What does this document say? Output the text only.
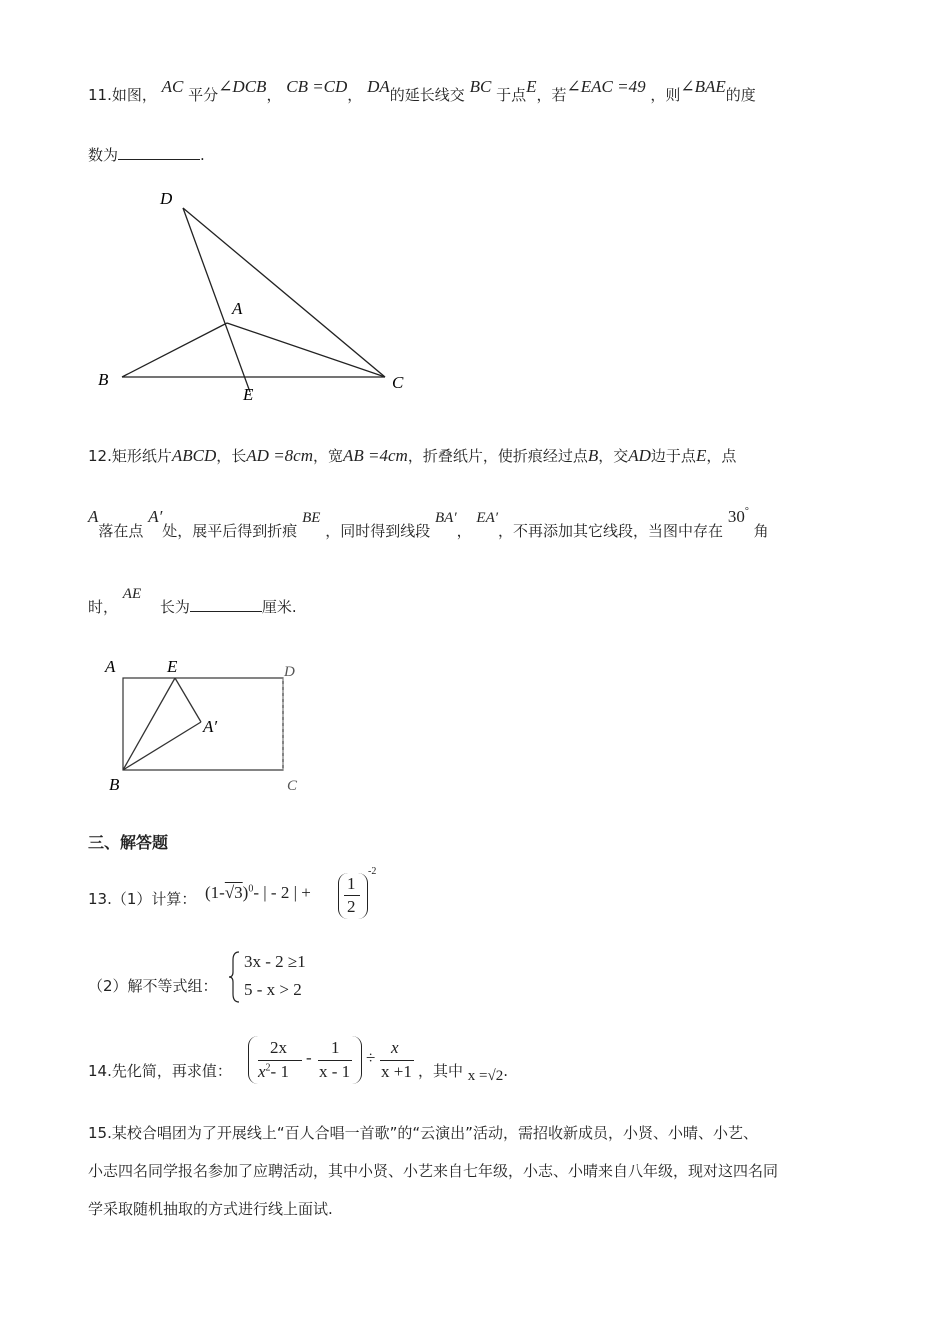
11.如图， AC 平分∠DCB， CB =CD， DA的延长线交 BC 于点E，若∠EAC =49 ，则∠BAE的度
数为	.
D
A
B
E
C
12.矩形纸片ABCD，长AD =8cm，宽AB =4cm，折叠纸片，使折痕经过点B，交AD边于点E，点
A落在点 A′处，展平后得到折痕 BE ，同时得到线段 BA′， EA′，不再添加其它线段，当图中存在 30° 角
时， AE 长为	厘米.
A	E	D
A′
B	C
三、解答题
13.（1）计算： $(1-√3)^0-$ | - 2 | + 1
2
-2
（2）解不等式组：
3x - 2 ≥1
5 - x > 2
14.先化简，再求值：
2x
$x^2-$ 1
-
1
x - 1
÷
x
x +1 ，其中 x =√2.
15.某校合唱团为了开展线上“百人合唱一首歌”的“云演出”活动，需招收新成员，小贤、小晴、小艺、
小志四名同学报名参加了应聘活动，其中小贤、小艺来自七年级，小志、小晴来自八年级，现对这四名同
学采取随机抽取的方式进行线上面试.
